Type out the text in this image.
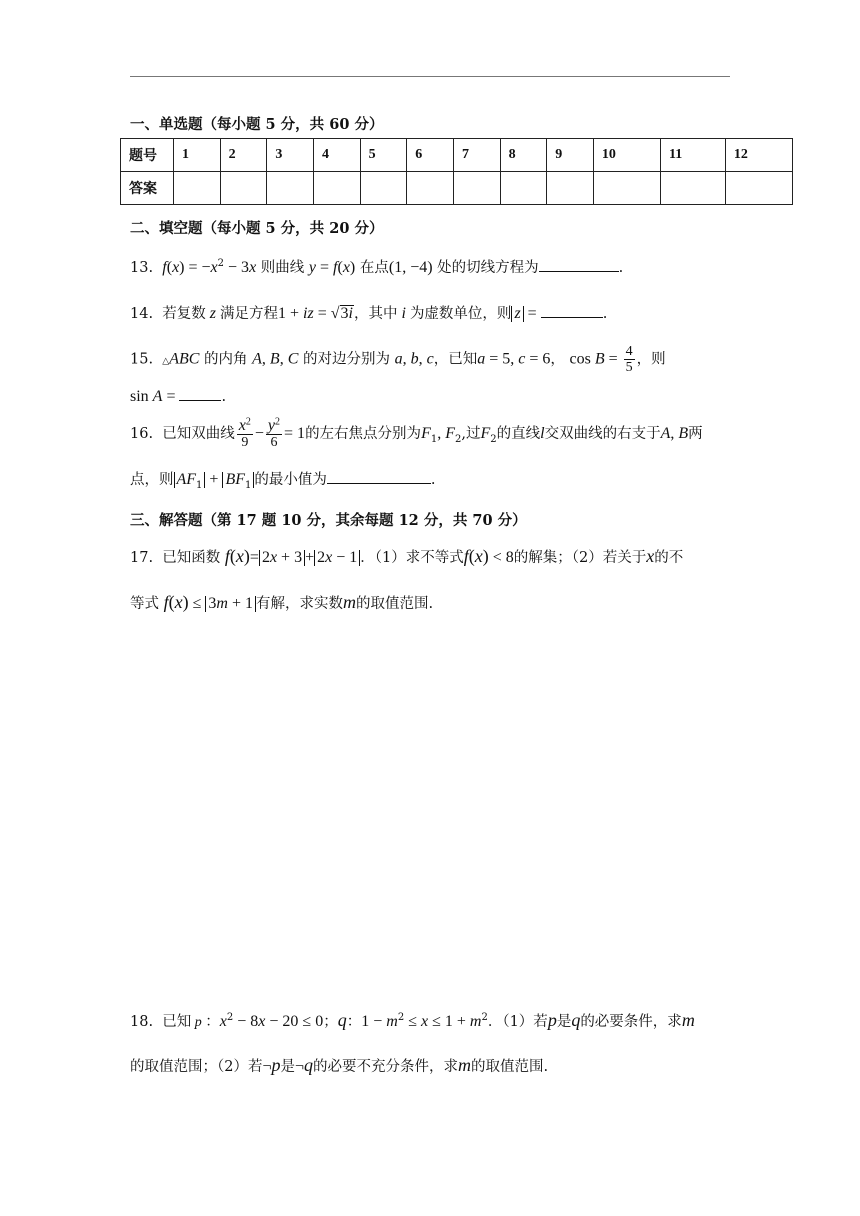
一、单选题（每小题 5 分，共 60 分）
题号	1	2	3	4	5	6	7	8	9	10	11	12
答案												
二、填空题（每小题 5 分，共 20 分）
13. $f(x) = -x^2 - 3x$ 则曲线 y = f(x) 在点(1, −4) 处的切线方程为	.
14. 若复数 z 满足方程1 + iz = √3i，其中 i 为虚数单位，则 z =	.
15. △ABC 的内角 A, B, C 的对边分别为 a, b, c，已知a = 5, c = 6， $\cos B = \frac{4}{5}$ ，则
sin A =	.
16. 已知双曲线 $\frac{x^2}{9} - \frac{y^2}{6} = 1$的左右焦点分别为$F_1$, $F_2$,过$F_2$的直线l交双曲线的右支于A, B两
点，则 $AF_1 + BF_1$ 的最小值为	.
三、解答题（第 17 题 10 分，其余每题 12 分，共 70 分）
17. 已知函数 f(x)= 2x + 3 + 2x − 1 ．（1）求不等式f(x) < 8的解集；（2）若关于x的不
等式 f(x) ≤ 3m + 1 有解，求实数m的取值范围.
18. 已知 p ：$x^2 - 8x - 20 \le 0$；q：$1 - m^2 \le x \le 1 + m^2$．（1）若p是q的必要条件，求m
的取值范围；（2）若¬p是¬q的必要不充分条件，求m的取值范围.
